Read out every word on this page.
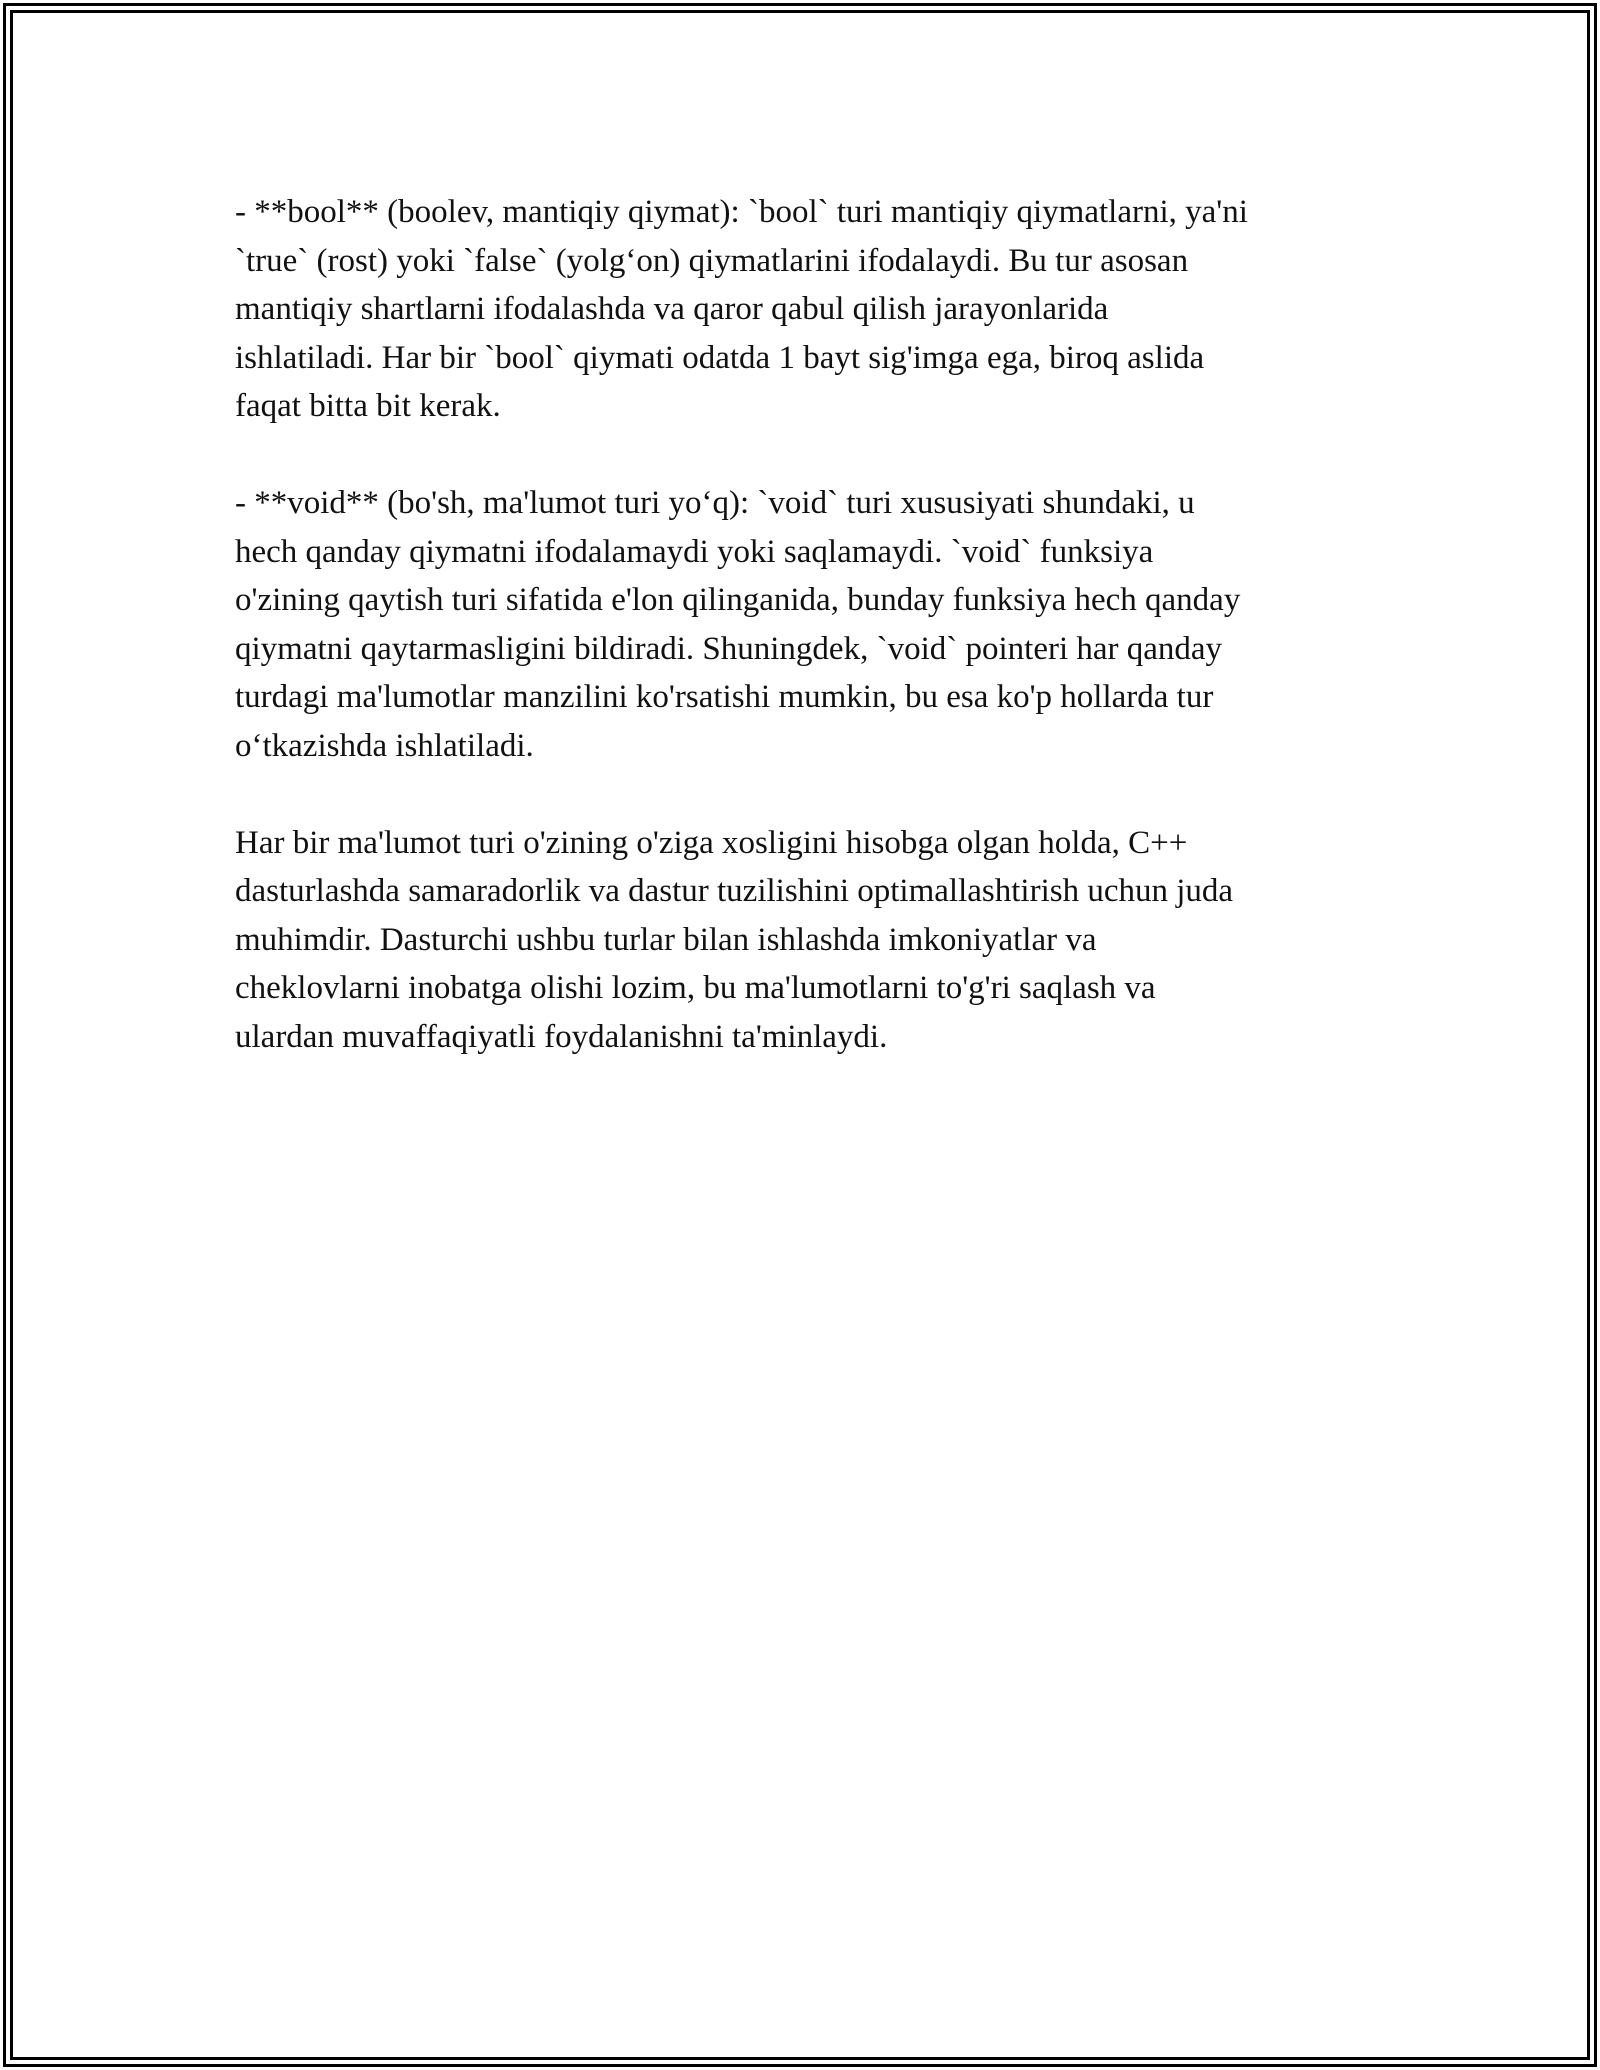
- **bool** (boolev, mantiqiy qiymat): `bool` turi mantiqiy qiymatlarni, ya'ni
`true` (rost) yoki `false` (yolg‘on) qiymatlarini ifodalaydi. Bu tur asosan
mantiqiy shartlarni ifodalashda va qaror qabul qilish jarayonlarida
ishlatiladi. Har bir `bool` qiymati odatda 1 bayt sig'imga ega, biroq aslida
faqat bitta bit kerak.

- **void** (bo'sh, ma'lumot turi yo‘q): `void` turi xususiyati shundaki, u
hech qanday qiymatni ifodalamaydi yoki saqlamaydi. `void` funksiya
o'zining qaytish turi sifatida e'lon qilinganida, bunday funksiya hech qanday
qiymatni qaytarmasligini bildiradi. Shuningdek, `void` pointeri har qanday
turdagi ma'lumotlar manzilini ko'rsatishi mumkin, bu esa ko'p hollarda tur
o‘tkazishda ishlatiladi.

Har bir ma'lumot turi o'zining o'ziga xosligini hisobga olgan holda, C++
dasturlashda samaradorlik va dastur tuzilishini optimallashtirish uchun juda
muhimdir. Dasturchi ushbu turlar bilan ishlashda imkoniyatlar va
cheklovlarni inobatga olishi lozim, bu ma'lumotlarni to'g'ri saqlash va
ulardan muvaffaqiyatli foydalanishni ta'minlaydi.
